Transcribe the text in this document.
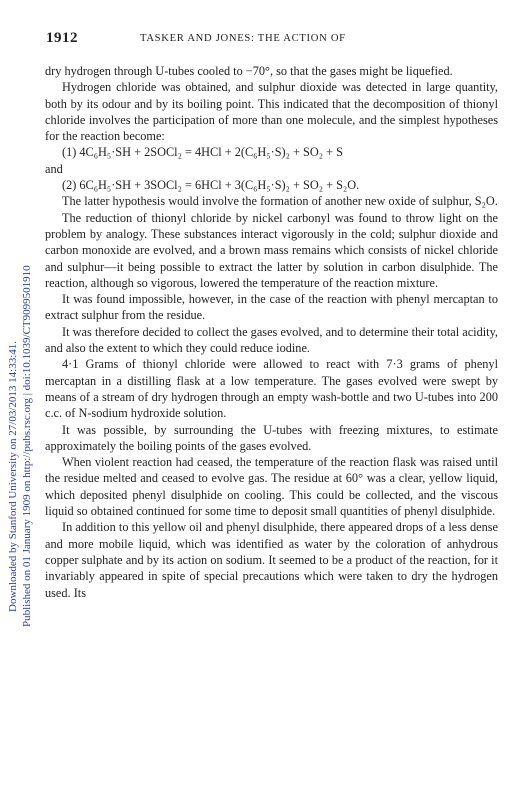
1912	TASKER AND JONES: THE ACTION OF
Downloaded by Stanford University on 27/03/2013 14:33:41. Published on 01 January 1909 on http://pubs.rsc.org | doi:10.1039/CT9099501910

dry hydrogen through U-tubes cooled to −70°, so that the gases might be liquefied.

Hydrogen chloride was obtained, and sulphur dioxide was detected in large quantity, both by its odour and by its boiling point. This indicated that the decomposition of thionyl chloride involves the participation of more than one molecule, and the simplest hypotheses for the reaction become:

(1) 4C₆H₅·SH + 2SOCl₂ = 4HCl + 2(C₆H₅·S)₂ + SO₂ + S

and

(2) 6C₆H₅·SH + 3SOCl₂ = 6HCl + 3(C₆H₅·S)₂ + SO₂ + S₂O.

The latter hypothesis would involve the formation of another new oxide of sulphur, S₂O.

The reduction of thionyl chloride by nickel carbonyl was found to throw light on the problem by analogy. These substances interact vigorously in the cold; sulphur dioxide and carbon monoxide are evolved, and a brown mass remains which consists of nickel chloride and sulphur—it being possible to extract the latter by solution in carbon disulphide. The reaction, although so vigorous, lowered the temperature of the reaction mixture.

It was found impossible, however, in the case of the reaction with phenyl mercaptan to extract sulphur from the residue.

It was therefore decided to collect the gases evolved, and to determine their total acidity, and also the extent to which they could reduce iodine.

4·1 Grams of thionyl chloride were allowed to react with 7·3 grams of phenyl mercaptan in a distilling flask at a low temperature. The gases evolved were swept by means of a stream of dry hydrogen through an empty wash-bottle and two U-tubes into 200 c.c. of N-sodium hydroxide solution.

It was possible, by surrounding the U-tubes with freezing mixtures, to estimate approximately the boiling points of the gases evolved.

When violent reaction had ceased, the temperature of the reaction flask was raised until the residue melted and ceased to evolve gas. The residue at 60° was a clear, yellow liquid, which deposited phenyl disulphide on cooling. This could be collected, and the viscous liquid so obtained continued for some time to deposit small quantities of phenyl disulphide.

In addition to this yellow oil and phenyl disulphide, there appeared drops of a less dense and more mobile liquid, which was identified as water by the coloration of anhydrous copper sulphate and by its action on sodium. It seemed to be a product of the reaction, for it invariably appeared in spite of special precautions which were taken to dry the hydrogen used. Its
